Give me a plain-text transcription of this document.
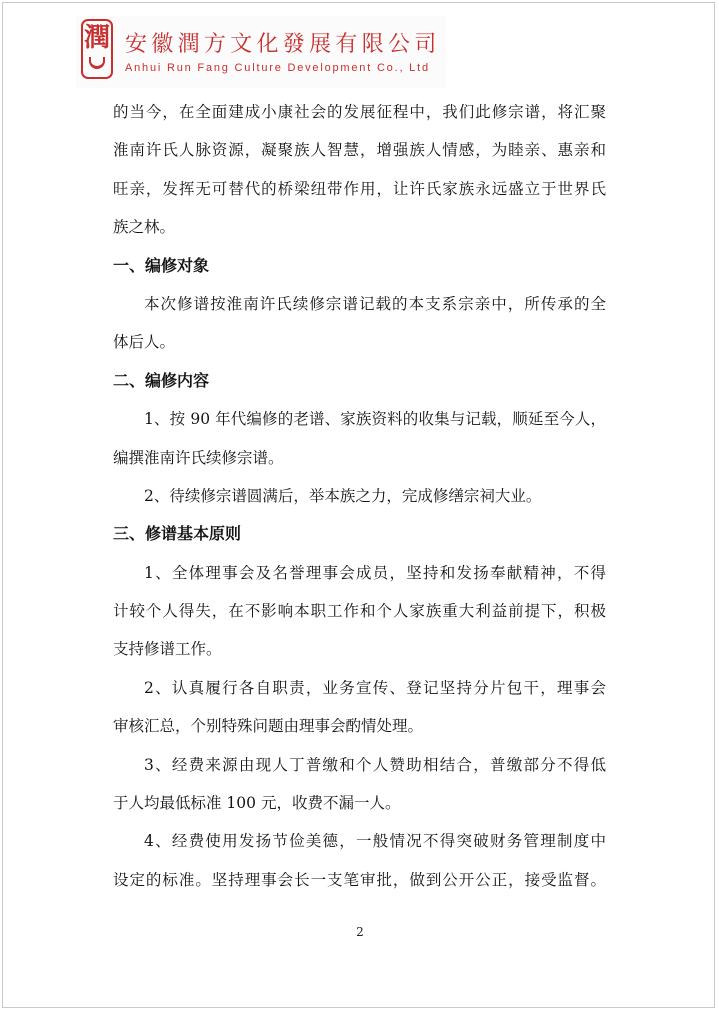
潤 安徽潤方文化發展有限公司
Anhui Run Fang Culture Development Co., Ltd
的当今，在全面建成小康社会的发展征程中，我们此修宗谱，将汇聚
淮南许氏人脉资源，凝聚族人智慧，增强族人情感，为睦亲、惠亲和
旺亲，发挥无可替代的桥梁纽带作用，让许氏家族永远盛立于世界氏
族之林。
一、编修对象
本次修谱按淮南许氏续修宗谱记载的本支系宗亲中，所传承的全
体后人。
二、编修内容
1、按 90 年代编修的老谱、家族资料的收集与记载，顺延至今人，
编撰淮南许氏续修宗谱。
2、待续修宗谱圆满后，举本族之力，完成修缮宗祠大业。
三、修谱基本原则
1、全体理事会及名誉理事会成员，坚持和发扬奉献精神，不得
计较个人得失，在不影响本职工作和个人家族重大利益前提下，积极
支持修谱工作。
2、认真履行各自职责，业务宣传、登记坚持分片包干，理事会
审核汇总，个别特殊问题由理事会酌情处理。
3、经费来源由现人丁普缴和个人赞助相结合，普缴部分不得低
于人均最低标准 100 元，收费不漏一人。
4、经费使用发扬节俭美德，一般情况不得突破财务管理制度中
设定的标准。坚持理事会长一支笔审批，做到公开公正，接受监督。
2
